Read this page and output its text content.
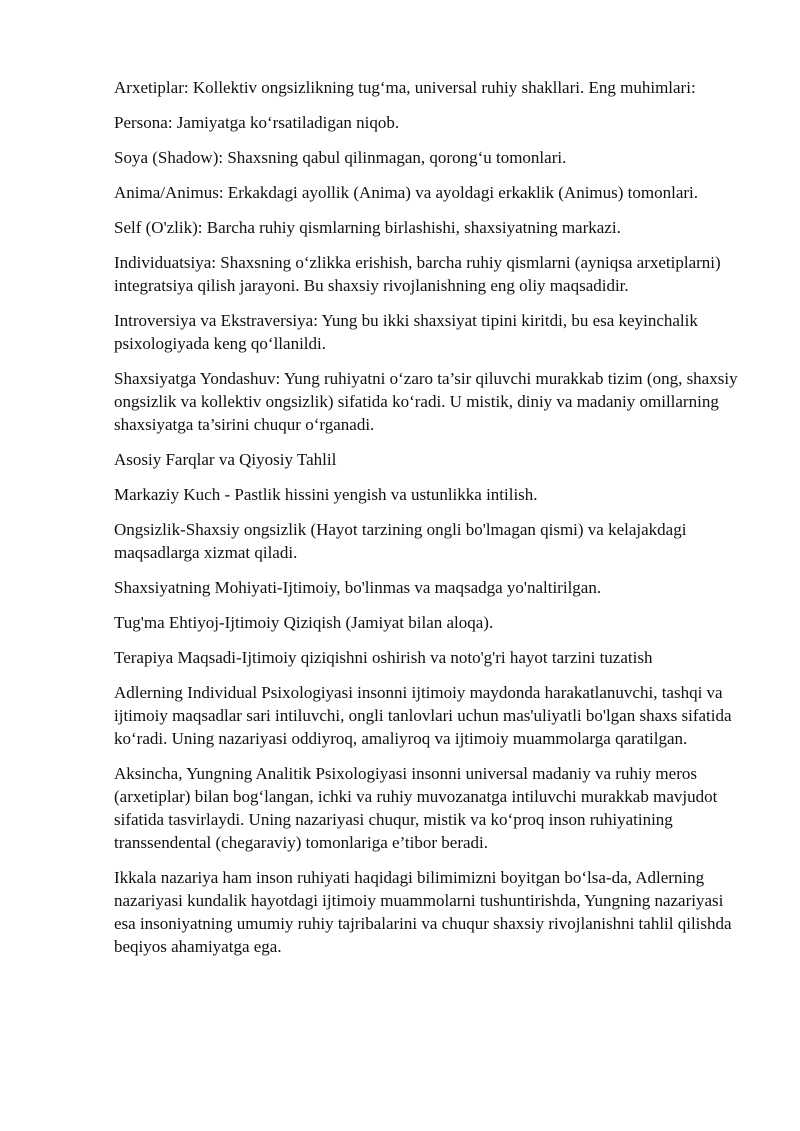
Arxetiplar: Kollektiv ongsizlikning tug‘ma, universal ruhiy shakllari. Eng muhimlari:

Persona: Jamiyatga ko‘rsatiladigan niqob.

Soya (Shadow): Shaxsning qabul qilinmagan, qorong‘u tomonlari.

Anima/Animus: Erkakdagi ayollik (Anima) va ayoldagi erkaklik (Animus) tomonlari.

Self (O'zlik): Barcha ruhiy qismlarning birlashishi, shaxsiyatning markazi.

Individuatsiya: Shaxsning o‘zlikka erishish, barcha ruhiy qismlarni (ayniqsa arxetiplarni) integratsiya qilish jarayoni. Bu shaxsiy rivojlanishning eng oliy maqsadidir.

Introversiya va Ekstraversiya: Yung bu ikki shaxsiyat tipini kiritdi, bu esa keyinchalik psixologiyada keng qo‘llanildi.

Shaxsiyatga Yondashuv: Yung ruhiyatni o‘zaro ta’sir qiluvchi murakkab tizim (ong, shaxsiy ongsizlik va kollektiv ongsizlik) sifatida ko‘radi. U mistik, diniy va madaniy omillarning shaxsiyatga ta’sirini chuqur o‘rganadi.

Asosiy Farqlar va Qiyosiy Tahlil

Markaziy Kuch - Pastlik hissini yengish va ustunlikka intilish.

Ongsizlik-Shaxsiy ongsizlik (Hayot tarzining ongli bo'lmagan qismi) va kelajakdagi maqsadlarga xizmat qiladi.

Shaxsiyatning Mohiyati-Ijtimoiy, bo'linmas va maqsadga yo'naltirilgan.

Tug'ma Ehtiyoj-Ijtimoiy Qiziqish (Jamiyat bilan aloqa).

Terapiya Maqsadi-Ijtimoiy qiziqishni oshirish va noto'g'ri hayot tarzini tuzatish

Adlerning Individual Psixologiyasi insonni ijtimoiy maydonda harakatlanuvchi, tashqi va ijtimoiy maqsadlar sari intiluvchi, ongli tanlovlari uchun mas'uliyatli bo'lgan shaxs sifatida ko‘radi. Uning nazariyasi oddiyroq, amaliyroq va ijtimoiy muammolarga qaratilgan.

Aksincha, Yungning Analitik Psixologiyasi insonni universal madaniy va ruhiy meros (arxetiplar) bilan bog‘langan, ichki va ruhiy muvozanatga intiluvchi murakkab mavjudot sifatida tasvirlaydi. Uning nazariyasi chuqur, mistik va ko‘proq inson ruhiyatining transsendental (chegaraviy) tomonlariga e’tibor beradi.

Ikkala nazariya ham inson ruhiyati haqidagi bilimimizni boyitgan bo‘lsa-da, Adlerning nazariyasi kundalik hayotdagi ijtimoiy muammolarni tushuntirishda, Yungning nazariyasi esa insoniyatning umumiy ruhiy tajribalarini va chuqur shaxsiy rivojlanishni tahlil qilishda beqiyos ahamiyatga ega.
